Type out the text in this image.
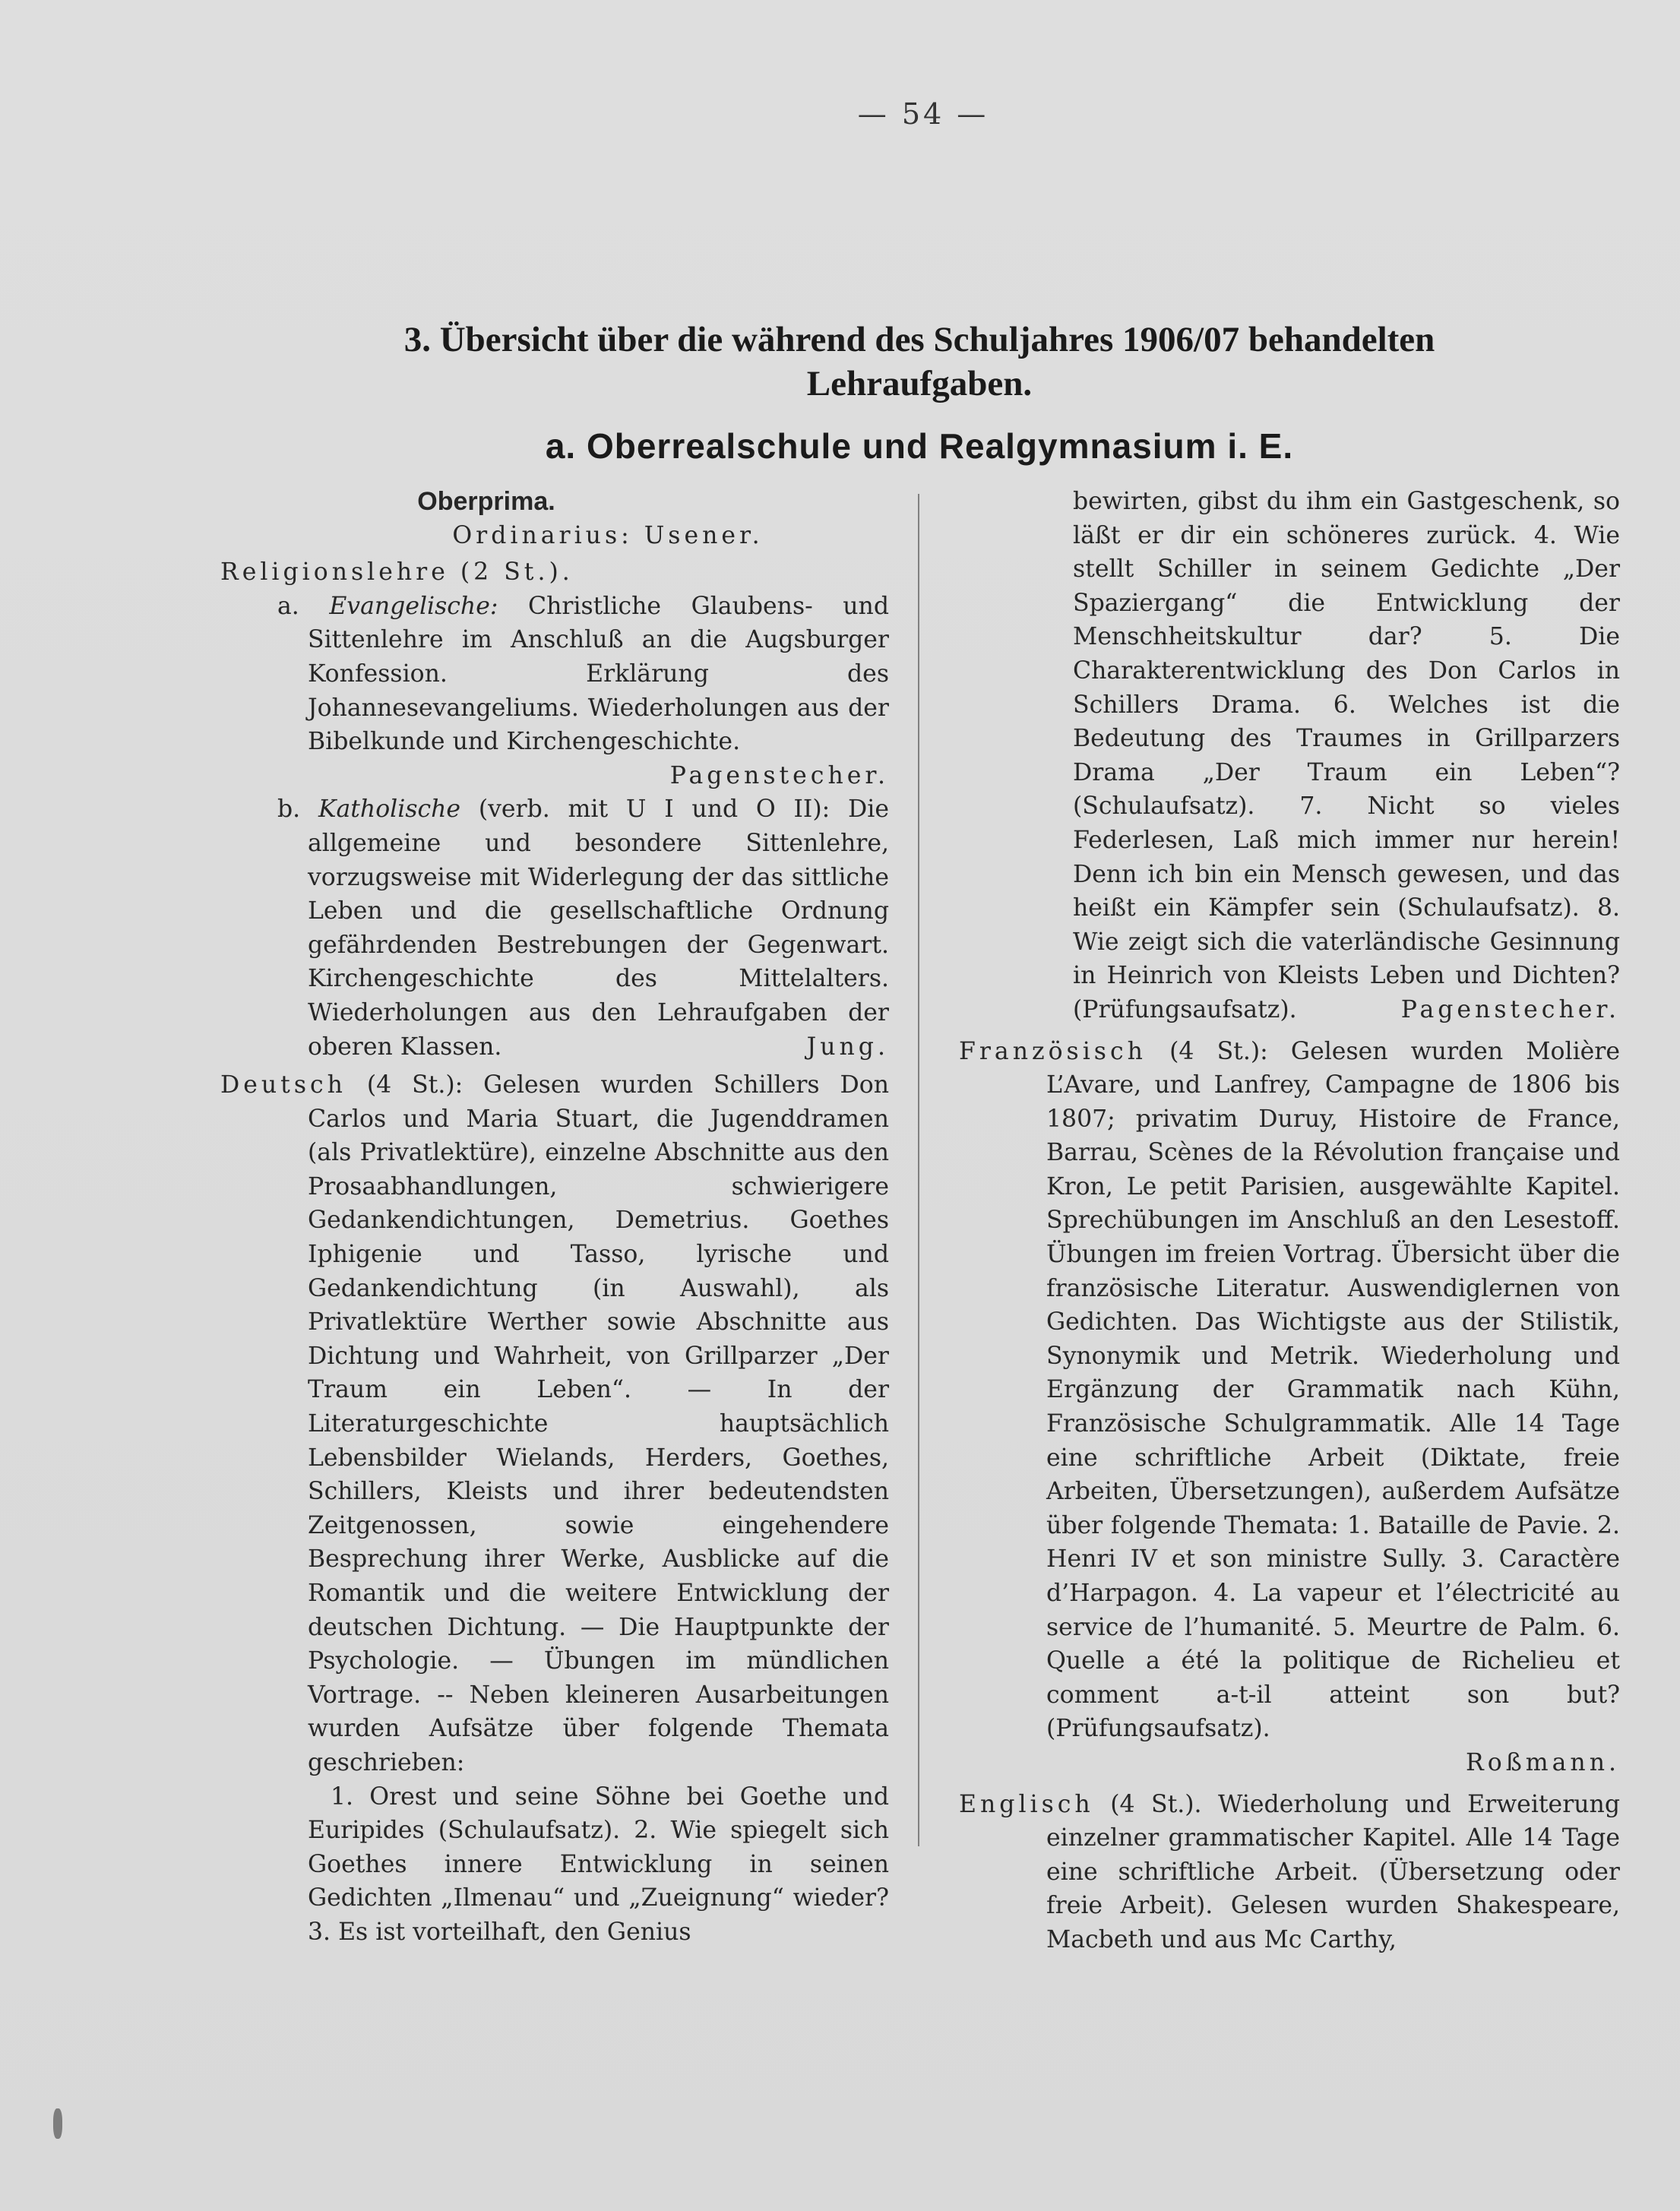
— 54 —
3. Übersicht über die während des Schuljahres 1906/07 behandelten
Lehraufgaben.
a. Oberrealschule und Realgymnasium i. E.
Oberprima.
Ordinarius: Usener.
Religionslehre (2 St.).
a. Evangelische: Christliche Glaubens- und Sittenlehre im Anschluß an die Augsburger Konfession. Erklärung des Johannesevangeliums. Wiederholungen aus der Bibelkunde und Kirchengeschichte.
Pagenstecher.
b. Katholische (verb. mit U I und O II): Die allgemeine und besondere Sittenlehre, vorzugsweise mit Widerlegung der das sittliche Leben und die gesellschaftliche Ordnung gefährdenden Bestrebungen der Gegenwart. Kirchengeschichte des Mittelalters. Wiederholungen aus den Lehraufgaben der oberen Klassen.	Jung.
Deutsch (4 St.): Gelesen wurden Schillers Don Carlos und Maria Stuart, die Jugenddramen (als Privatlektüre), einzelne Abschnitte aus den Prosaabhandlungen, schwierigere Gedankendichtungen, Demetrius. Goethes Iphigenie und Tasso, lyrische und Gedankendichtung (in Auswahl), als Privatlektüre Werther sowie Abschnitte aus Dichtung und Wahrheit, von Grillparzer „Der Traum ein Leben“. — In der Literaturgeschichte hauptsächlich Lebensbilder Wielands, Herders, Goethes, Schillers, Kleists und ihrer bedeutendsten Zeitgenossen, sowie eingehendere Besprechung ihrer Werke, Ausblicke auf die Romantik und die weitere Entwicklung der deutschen Dichtung. — Die Hauptpunkte der Psychologie. — Übungen im mündlichen Vortrage. -- Neben kleineren Ausarbeitungen wurden Aufsätze über folgende Themata geschrieben:
1. Orest und seine Söhne bei Goethe und Euripides (Schulaufsatz). 2. Wie spiegelt sich Goethes innere Entwicklung in seinen Gedichten „Ilmenau“ und „Zueignung“ wieder? 3. Es ist vorteilhaft, den Genius
bewirten, gibst du ihm ein Gastgeschenk, so läßt er dir ein schöneres zurück. 4. Wie stellt Schiller in seinem Gedichte „Der Spaziergang“ die Entwicklung der Menschheitskultur dar? 5. Die Charakterentwicklung des Don Carlos in Schillers Drama. 6. Welches ist die Bedeutung des Traumes in Grillparzers Drama „Der Traum ein Leben“? (Schulaufsatz). 7. Nicht so vieles Federlesen, Laß mich immer nur herein! Denn ich bin ein Mensch gewesen, und das heißt ein Kämpfer sein (Schulaufsatz). 8. Wie zeigt sich die vaterländische Gesinnung in Heinrich von Kleists Leben und Dichten? (Prüfungsaufsatz).	Pagenstecher.
Französisch (4 St.): Gelesen wurden Molière L’Avare, und Lanfrey, Campagne de 1806 bis 1807; privatim Duruy, Histoire de France, Barrau, Scènes de la Révolution française und Kron, Le petit Parisien, ausgewählte Kapitel. Sprechübungen im Anschluß an den Lesestoff. Übungen im freien Vortrag. Übersicht über die französische Literatur. Auswendiglernen von Gedichten. Das Wichtigste aus der Stilistik, Synonymik und Metrik. Wiederholung und Ergänzung der Grammatik nach Kühn, Französische Schulgrammatik. Alle 14 Tage eine schriftliche Arbeit (Diktate, freie Arbeiten, Übersetzungen), außerdem Aufsätze über folgende Themata: 1. Bataille de Pavie. 2. Henri IV et son ministre Sully. 3. Caractère d’Harpagon. 4. La vapeur et l’électricité au service de l’humanité. 5. Meurtre de Palm. 6. Quelle a été la politique de Richelieu et comment a-t-il atteint son but? (Prüfungsaufsatz).
Roßmann.
Englisch (4 St.). Wiederholung und Erweiterung einzelner grammatischer Kapitel. Alle 14 Tage eine schriftliche Arbeit. (Übersetzung oder freie Arbeit). Gelesen wurden Shakespeare, Macbeth und aus Mc Carthy,
